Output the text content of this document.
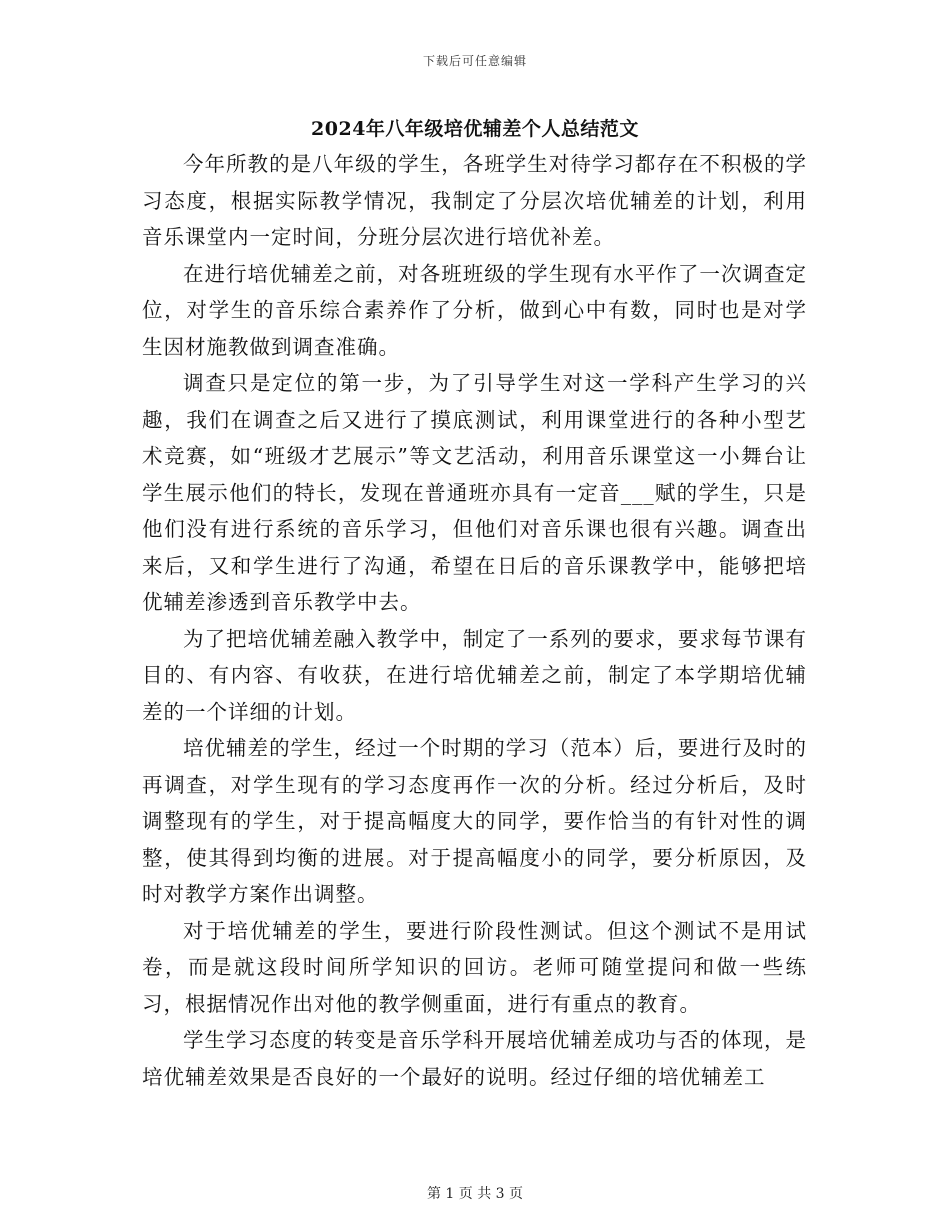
下载后可任意编辑
2024年八年级培优辅差个人总结范文

今年所教的是八年级的学生，各班学生对待学习都存在不积极的学习态度，根据实际教学情况，我制定了分层次培优辅差的计划，利用音乐课堂内一定时间，分班分层次进行培优补差。

在进行培优辅差之前，对各班班级的学生现有水平作了一次调查定位，对学生的音乐综合素养作了分析，做到心中有数，同时也是对学生因材施教做到调查准确。

调查只是定位的第一步，为了引导学生对这一学科产生学习的兴趣，我们在调查之后又进行了摸底测试，利用课堂进行的各种小型艺术竞赛，如“班级才艺展示”等文艺活动，利用音乐课堂这一小舞台让学生展示他们的特长，发现在普通班亦具有一定音___赋的学生，只是他们没有进行系统的音乐学习，但他们对音乐课也很有兴趣。调查出来后，又和学生进行了沟通，希望在日后的音乐课教学中，能够把培优辅差渗透到音乐教学中去。

为了把培优辅差融入教学中，制定了一系列的要求，要求每节课有目的、有内容、有收获，在进行培优辅差之前，制定了本学期培优辅差的一个详细的计划。

培优辅差的学生，经过一个时期的学习（范本）后，要进行及时的再调查，对学生现有的学习态度再作一次的分析。经过分析后，及时调整现有的学生，对于提高幅度大的同学，要作恰当的有针对性的调整，使其得到均衡的进展。对于提高幅度小的同学，要分析原因，及时对教学方案作出调整。

对于培优辅差的学生，要进行阶段性测试。但这个测试不是用试卷，而是就这段时间所学知识的回访。老师可随堂提问和做一些练习，根据情况作出对他的教学侧重面，进行有重点的教育。

学生学习态度的转变是音乐学科开展培优辅差成功与否的体现，是培优辅差效果是否良好的一个最好的说明。经过仔细的培优辅差工

第 1 页 共 3 页
